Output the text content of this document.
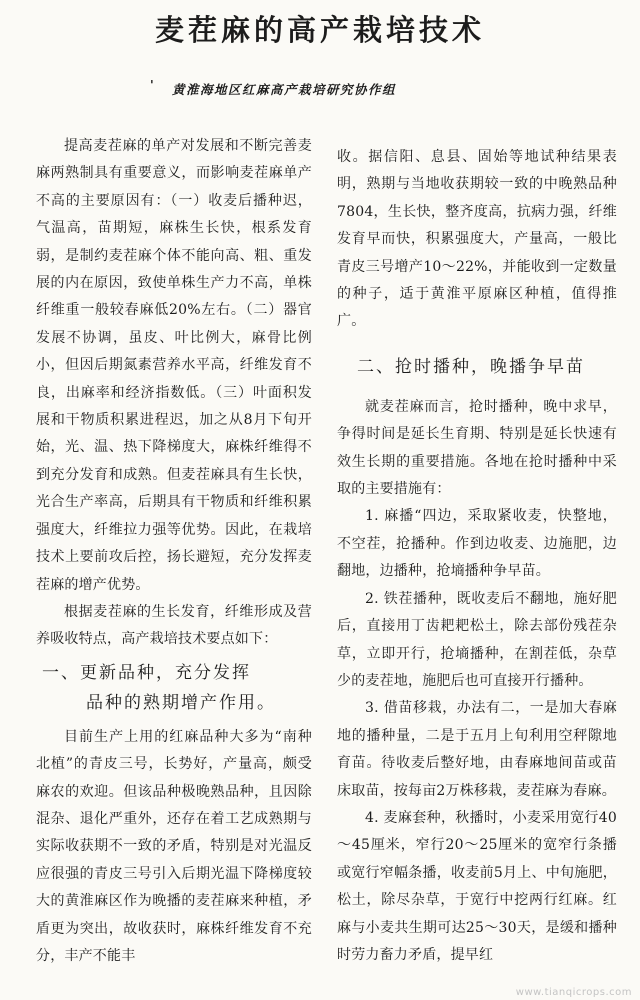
麦茬麻的高产栽培技术
' 黄淮海地区红麻高产栽培研究协作组

提高麦茬麻的单产对发展和不断完善麦麻两熟制具有重要意义，而影响麦茬麻单产不高的主要原因有：（一）收麦后播种迟，气温高，苗期短，麻株生长快，根系发育弱，是制约麦茬麻个体不能向高、粗、重发展的内在原因，致使单株生产力不高，单株纤维重一般较春麻低20%左右。（二）器官发展不协调，虽皮、叶比例大，麻骨比例小，但因后期氮素营养水平高，纤维发育不良，出麻率和经济指数低。（三）叶面积发展和干物质积累进程迟，加之从8月下旬开始，光、温、热下降梯度大，麻株纤维得不到充分发育和成熟。但麦茬麻具有生长快，光合生产率高，后期具有干物质和纤维积累强度大，纤维拉力强等优势。因此，在栽培技术上要前攻后控，扬长避短，充分发挥麦茬麻的增产优势。

根据麦茬麻的生长发育，纤维形成及营养吸收特点，高产栽培技术要点如下：

一、更新品种，充分发挥
品种的熟期增产作用。

目前生产上用的红麻品种大多为“南种北植”的青皮三号，长势好，产量高，颇受麻农的欢迎。但该品种极晚熟品种，且因除混杂、退化严重外，还存在着工艺成熟期与实际收获期不一致的矛盾，特别是对光温反应很强的青皮三号引入后期光温下降梯度较大的黄淮麻区作为晚播的麦茬麻来种植，矛盾更为突出，故收获时，麻株纤维发育不充分，丰产不能丰

收。据信阳、息县、固始等地试种结果表明，熟期与当地收获期较一致的中晚熟品种7804，生长快，整齐度高，抗病力强，纤维发育早而快，积累强度大，产量高，一般比青皮三号增产10～22%，并能收到一定数量的种子，适于黄淮平原麻区种植，值得推广。

二、抢时播种，晚播争早苗

就麦茬麻而言，抢时播种，晚中求早，争得时间是延长生育期、特别是延长快速有效生长期的重要措施。各地在抢时播种中采取的主要措施有：

1. 麻播“四边，采取紧收麦，快整地，不空茬，抢播种。作到边收麦、边施肥，边翻地，边播种，抢墒播种争早苗。

2. 铁茬播种，既收麦后不翻地，施好肥后，直接用丁齿耙耙松土，除去部份残茬杂草，立即开行，抢墒播种，在割茬低，杂草少的麦茬地，施肥后也可直接开行播种。

3. 借苗移栽，办法有二，一是加大春麻地的播种量，二是于五月上旬利用空秤隙地育苗。待收麦后整好地，由春麻地间苗或苗床取苗，按每亩2万株移栽，麦茬麻为春麻。

4. 麦麻套种，秋播时，小麦采用宽行40～45厘米，窄行20～25厘米的宽窄行条播或宽行窄幅条播，收麦前5月上、中旬施肥，松土，除尽杂草，于宽行中挖两行红麻。红麻与小麦共生期可达25～30天，是缓和播种时劳力畜力矛盾，提早红

www.tianqicrops.com
